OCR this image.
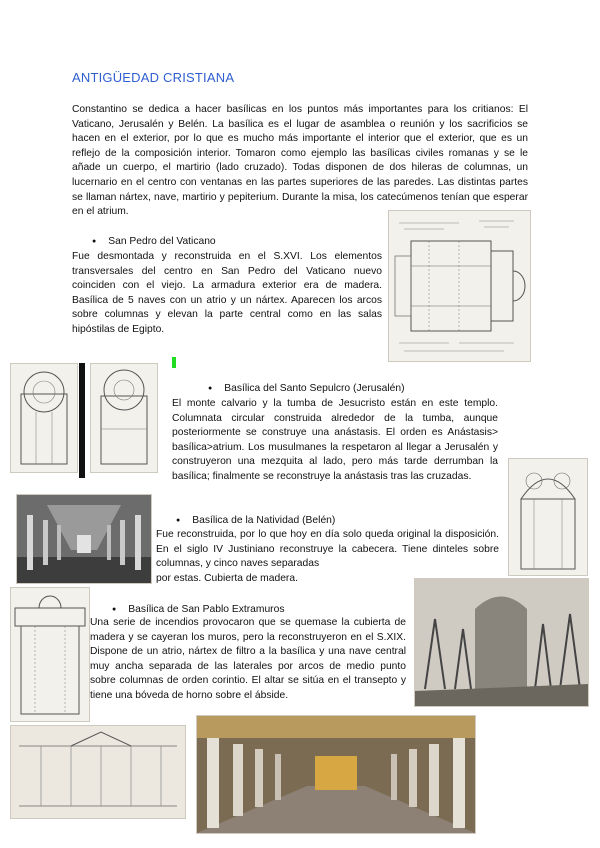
ANTIGÜEDAD CRISTIANA

Constantino se dedica a hacer basílicas en los puntos más importantes para los critianos: El Vaticano, Jerusalén y Belén. La basílica es el lugar de asamblea o reunión y los sacrificios se hacen en el exterior, por lo que es mucho más importante el interior que el exterior, que es un reflejo de la composición interior. Tomaron como ejemplo las basílicas civiles romanas y se le añade un cuerpo, el martirio (lado cruzado). Todas disponen de dos hileras de columnas, un lucernario en el centro con ventanas en las partes superiores de las paredes. Las distintas partes se llaman nártex, nave, martirio y pepiterium. Durante la misa, los catecúmenos tenían que esperar en el atrium.

● San Pedro del Vaticano

Fue desmontada y reconstruida en el S.XVI. Los elementos transversales del centro en San Pedro del Vaticano nuevo coinciden con el viejo. La armadura exterior era de madera. Basílica de 5 naves con un atrio y un nártex. Aparecen los arcos sobre columnas y elevan la parte central como en las salas hipóstilas de Egipto.

● Basílica del Santo Sepulcro (Jerusalén)

El monte calvario y la tumba de Jesucristo están en este templo. Columnata circular construida alrededor de la tumba, aunque posteriormente se construye una anástasis. El orden es Anástasis> basílica>atrium. Los musulmanes la respetaron al llegar a Jerusalén y construyeron una mezquita al lado, pero más tarde derrumban la basílica; finalmente se reconstruye la anástasis tras las cruzadas.

● Basílica de la Natividad (Belén)

Fue reconstruida, por lo que hoy en día solo queda original la disposición. En el siglo IV Justiniano reconstruye la cabecera. Tiene dinteles sobre columnas, y cinco naves separadas

por estas. Cubierta de madera.

● Basílica de San Pablo Extramuros

Una serie de incendios provocaron que se quemase la cubierta de madera y se cayeran los muros, pero la reconstruyeron en el S.XIX. Dispone de un atrio, nártex de filtro a la basílica y una nave central muy ancha separada de las laterales por arcos de medio punto sobre columnas de orden corintio. El altar se sitúa en el transepto y tiene una bóveda de horno sobre el ábside.
